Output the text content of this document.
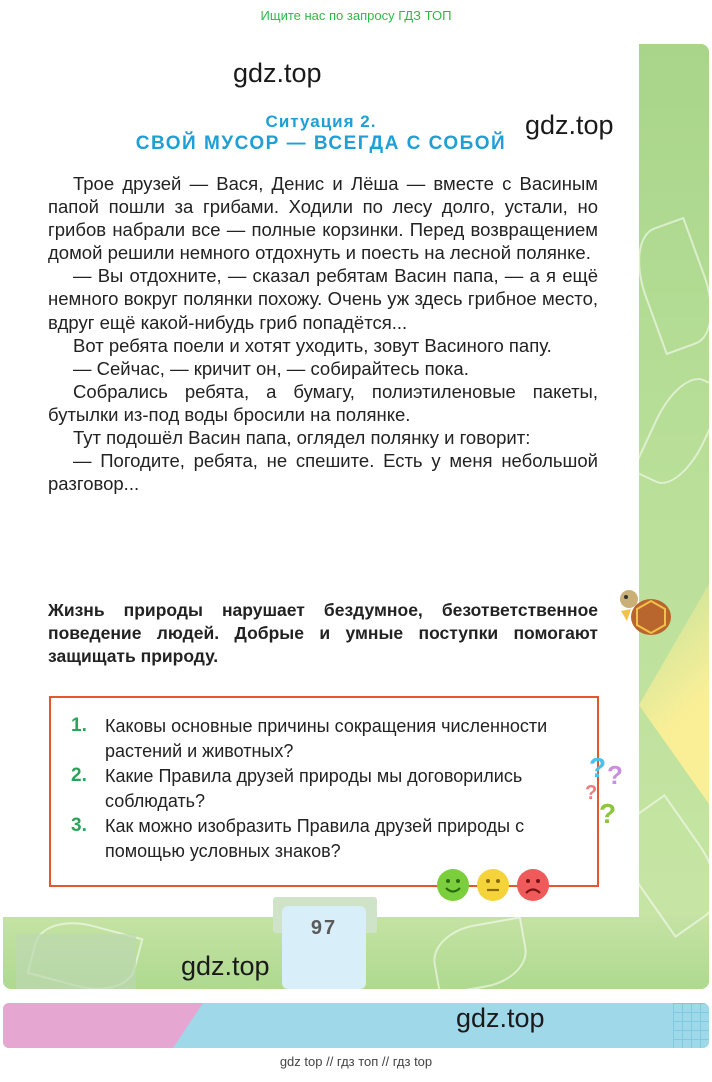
Ищите нас по запросу ГДЗ ТОП
Ситуация 2.
СВОЙ МУСОР — ВСЕГДА С СОБОЙ

Трое друзей — Вася, Денис и Лёша — вместе с Васиным папой пошли за грибами. Ходили по лесу долго, устали, но грибов набрали все — полные корзинки. Перед возвращением домой решили немного отдохнуть и поесть на лесной полянке.

— Вы отдохните, — сказал ребятам Васин папа, — а я ещё немного вокруг полянки похожу. Очень уж здесь грибное место, вдруг ещё какой-нибудь гриб попадётся...

Вот ребята поели и хотят уходить, зовут Васиного папу.

— Сейчас, — кричит он, — собирайтесь пока.

Собрались ребята, а бумагу, полиэтиленовые пакеты, бутылки из-под воды бросили на полянке.

Тут подошёл Васин папа, оглядел полянку и говорит:

— Погодите, ребята, не спешите. Есть у меня небольшой разговор...

Жизнь природы нарушает бездумное, безответственное поведение людей. Добрые и умные поступки помогают защищать природу.

1.	Каковы основные причины сокращения численности растений и животных?
2.	Какие Правила друзей природы мы договорились соблюдать?
3.	Как можно изобразить Правила друзей природы с помощью условных знаков?
? ?
?
?
gdz.top
gdz.top
97
gdz.top
gdz.top
gdz top // гдз топ // гдз top
